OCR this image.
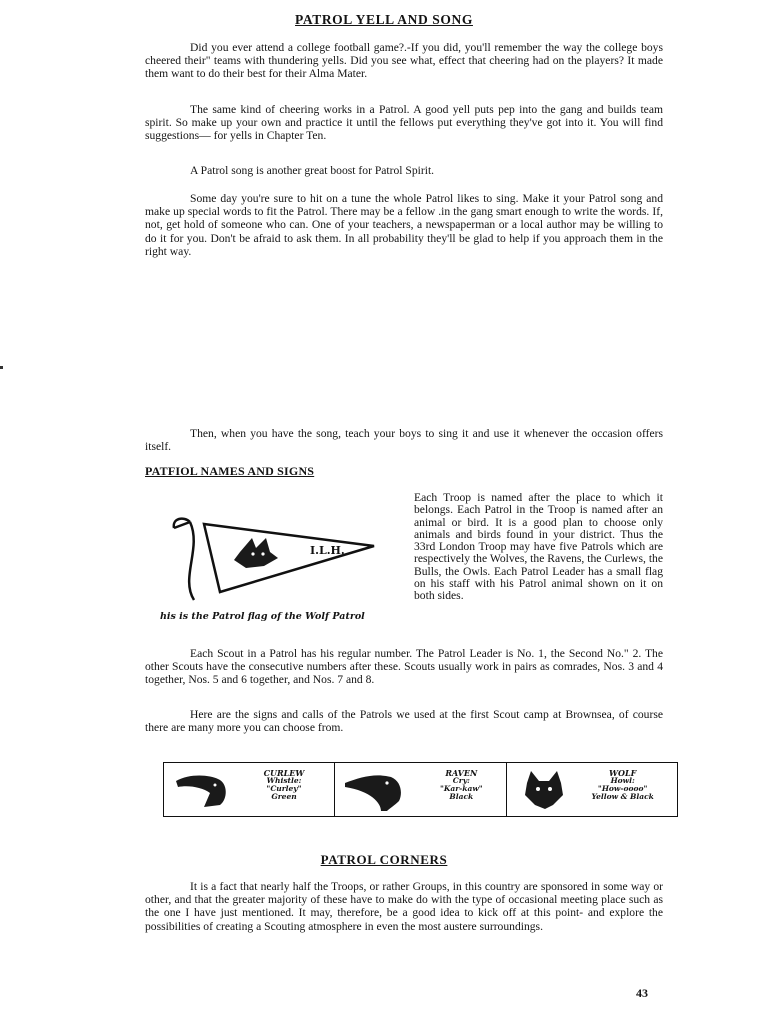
PATROL YELL AND SONG

Did you ever attend a college football game?.-If you did, you'll remember the way the college boys cheered their" teams with thundering yells. Did you see what, effect that cheering had on the players? It made them want to do their best for their Alma Mater.

The same kind of cheering works in a Patrol. A good yell puts pep into the gang and builds team spirit. So make up your own and practice it until the fellows put everything they've got into it. You will find suggestions— for yells in Chapter Ten.

A Patrol song is another great boost for Patrol Spirit.

Some day you're sure to hit on a tune the whole Patrol likes to sing. Make it your Patrol song and make up special words to fit the Patrol. There may be a fellow .in the gang smart enough to write the words. If, not, get hold of someone who can. One of your teachers, a newspaperman or a local author may be willing to do it for you. Don't be afraid to ask them. In all probability they'll be glad to help if you approach them in the right way.

Then, when you have the song, teach your boys to sing it and use it whenever the occasion offers itself.

PATFIOL NAMES AND SIGNS
I.L.H.
his is the Patrol flag of the Wolf Patrol

Each Troop is named after the place to which it belongs. Each Patrol in the Troop is named after an animal or bird. It is a good plan to choose only animals and birds found in your district. Thus the 33rd London Troop may have five Patrols which are respectively the Wolves, the Ravens, the Curlews, the Bulls, the Owls. Each Patrol Leader has a small flag on his staff with his Patrol animal shown on it on both sides.

Each Scout in a Patrol has his regular number. The Patrol Leader is No. 1, the Second No." 2. The other Scouts have the consecutive numbers after these. Scouts usually work in pairs as comrades, Nos. 3 and 4 together, Nos. 5 and 6 together, and Nos. 7 and 8.

Here are the signs and calls of the Patrols we used at the first Scout camp at Brownsea, of course there are many more you can choose from.

CURLEW
Whistle:
"Curley"
Green
RAVEN
Cry:
"Kar-kaw"
Black
WOLF
Howl:
"How-oooo"
Yellow & Black
PATROL CORNERS

It is a fact that nearly half the Troops, or rather Groups, in this country are sponsored in some way or other, and that the greater majority of these have to make do with the type of occasional meeting place such as the one I have just mentioned. It may, therefore, be a good idea to kick off at this point- and explore the possibilities of creating a Scouting atmosphere in even the most austere surroundings.

43
